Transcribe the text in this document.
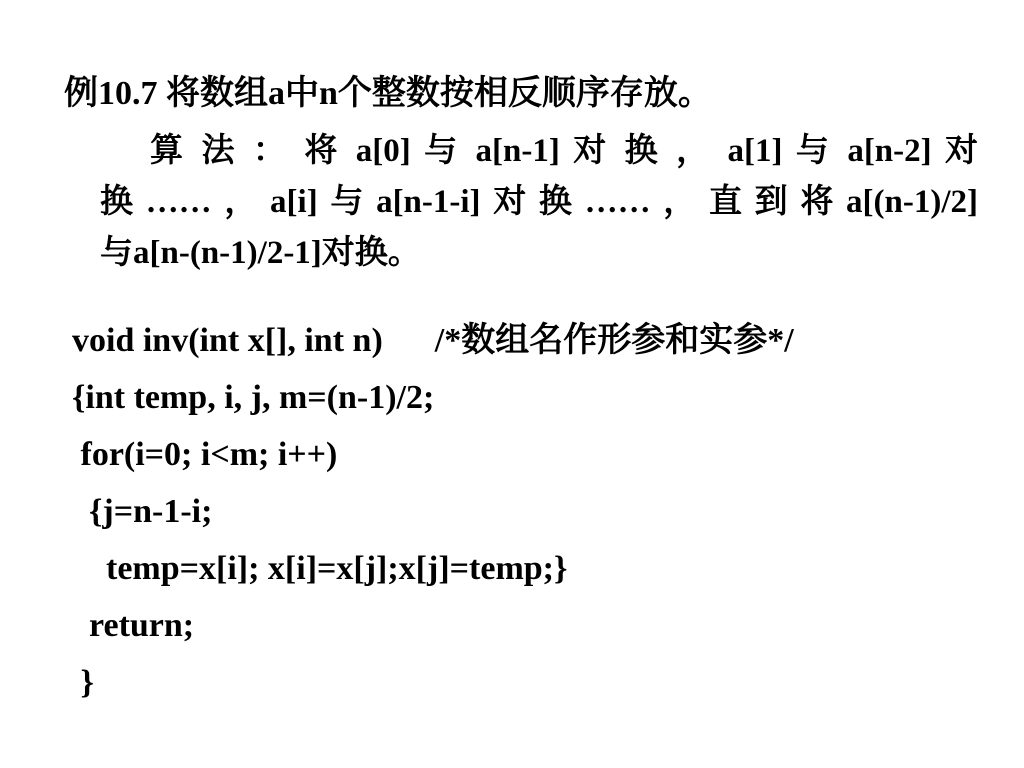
例10.7 将数组a中n个整数按相反顺序存放。
算 法 ： 将 a[0] 与 a[n-1] 对 换 ， a[1] 与 a[n-2] 对
换……，a[i]与a[n-1-i]对换……，直到将a[(n-1)/2]
与a[n-(n-1)/2-1]对换。
void inv(int x[], int n) /*数组名作形参和实参*/
{int temp, i, j, m=(n-1)/2;
for(i=0; i<m; i++)
{j=n-1-i;
temp=x[i]; x[i]=x[j];x[j]=temp;}
return;
}
